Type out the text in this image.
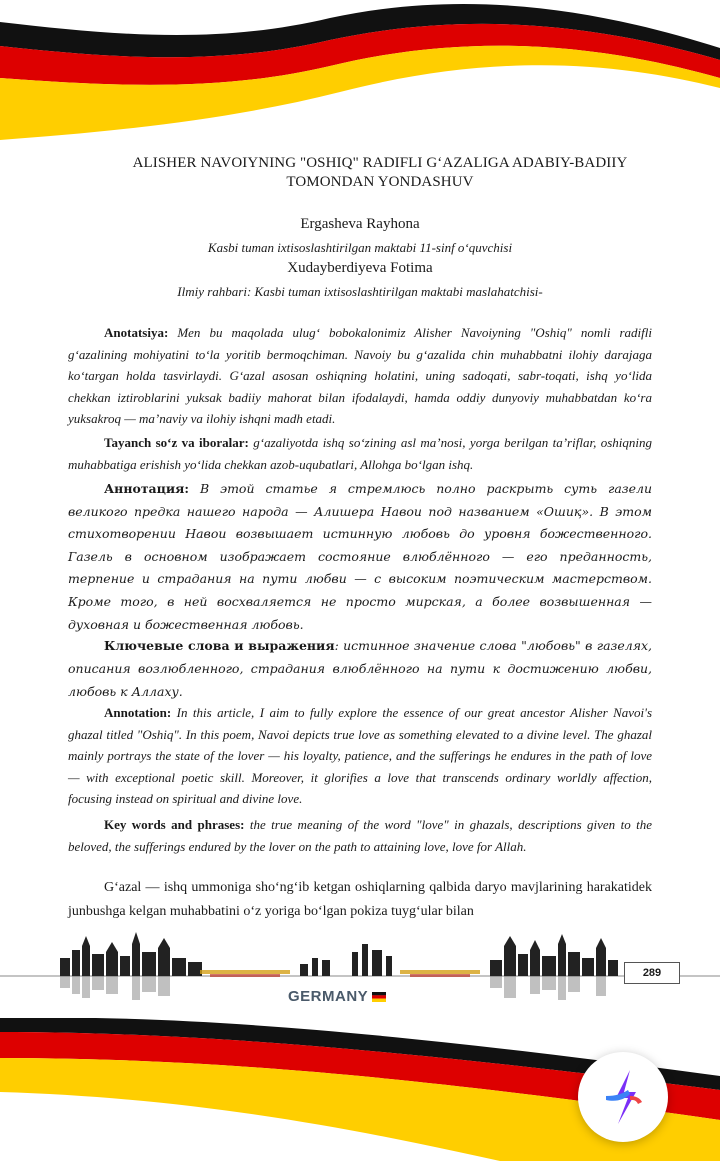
ALISHER NAVOIYNING "OSHIQ" RADIFLI G‘AZALIGA ADABIY-BADIIY
TOMONDAN YONDASHUV
Ergasheva Rayhona
Kasbi tuman ixtisoslashtirilgan maktabi 11-sinf o‘quvchisi
Xudayberdiyeva Fotima
Ilmiy rahbari: Kasbi tuman ixtisoslashtirilgan maktabi maslahatchisi-
Anotatsiya: Men bu maqolada ulug‘ bobokalonimiz Alisher Navoiyning "Oshiq" nomli radifli g‘azalining mohiyatini to‘la yoritib bermoqchiman. Navoiy bu g‘azalida chin muhabbatni ilohiy darajaga ko‘targan holda tasvirlaydi. G‘azal asosan oshiqning holatini, uning sadoqati, sabr-toqati, ishq yo‘lida chekkan iztiroblarini yuksak badiiy mahorat bilan ifodalaydi, hamda oddiy dunyoviy muhabbatdan ko‘ra yuksakroq — ma’naviy va ilohiy ishqni madh etadi.
Tayanch so‘z va iboralar: g‘azaliyotda ishq so‘zining asl ma’nosi, yorga berilgan ta’riflar, oshiqning muhabbatiga erishish yo‘lida chekkan azob-uqubatlari, Allohga bo‘lgan ishq.
Аннотация: В этой статье я стремлюсь полно раскрыть суть газели великого предка нашего народа — Алишера Навои под названием «Ошиқ». В этом стихотворении Навои возвышает истинную любовь до уровня божественного. Газель в основном изображает состояние влюблённого — его преданность, терпение и страдания на пути любви — с высоким поэтическим мастерством. Кроме того, в ней восхваляется не просто мирская, а более возвышенная — духовная и божественная любовь.
Ключевые слова и выражения: истинное значение слова "любовь" в газелях, описания возлюбленного, страдания влюблённого на пути к достижению любви, любовь к Аллаху.
Annotation: In this article, I aim to fully explore the essence of our great ancestor Alisher Navoi's ghazal titled "Oshiq". In this poem, Navoi depicts true love as something elevated to a divine level. The ghazal mainly portrays the state of the lover — his loyalty, patience, and the sufferings he endures in the path of love — with exceptional poetic skill. Moreover, it glorifies a love that transcends ordinary worldly affection, focusing instead on spiritual and divine love.
Key words and phrases: the true meaning of the word "love" in ghazals, descriptions given to the beloved, the sufferings endured by the lover on the path to attaining love, love for Allah.
G‘azal — ishq ummoniga sho‘ng‘ib ketgan oshiqlarning qalbida daryo mavjlarining harakatidek junbushga kelgan muhabbatini o‘z yoriga bo‘lgan pokiza tuyg‘ular bilan
289
GERMANY
